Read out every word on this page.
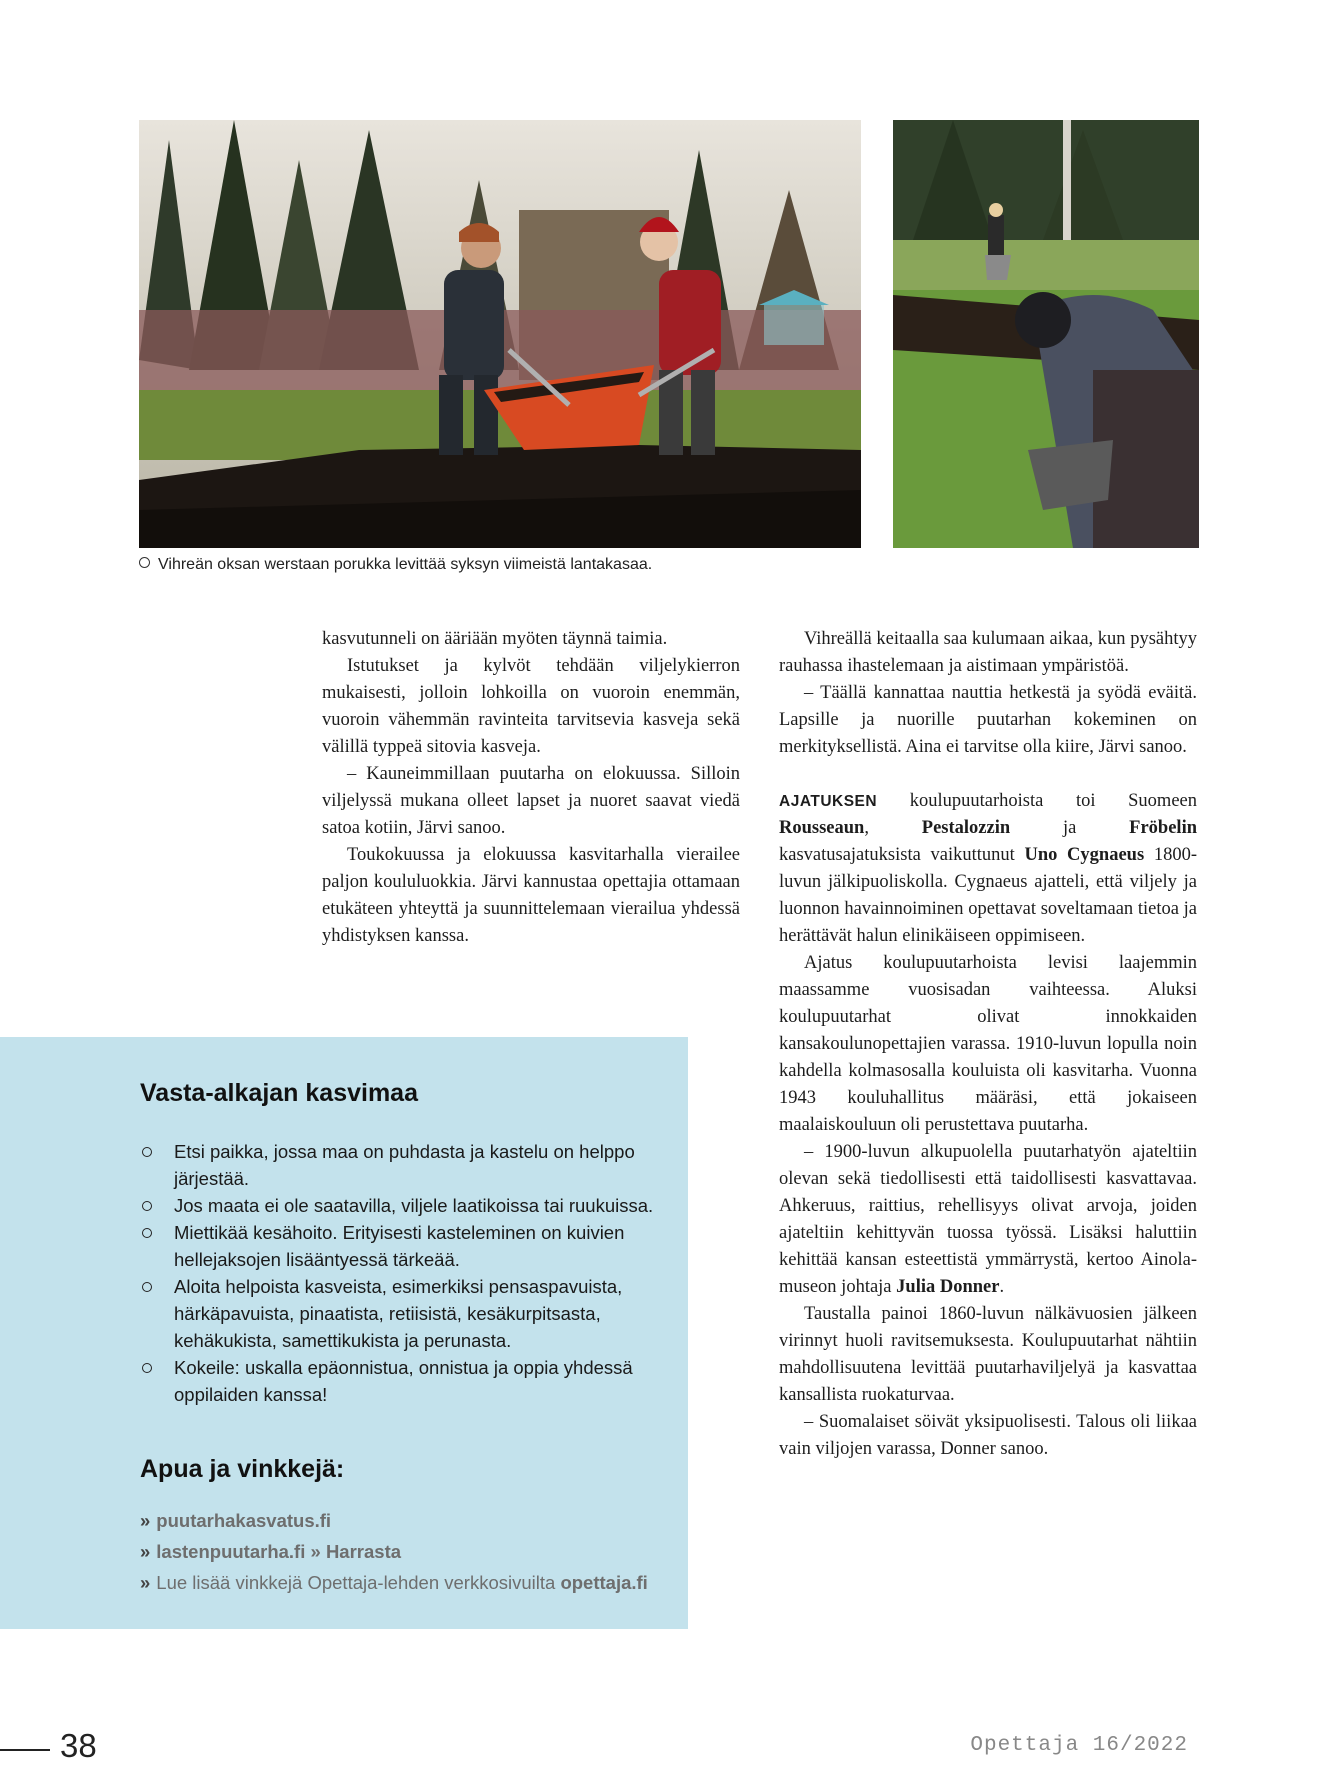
Vihreän oksan werstaan porukka levittää syksyn viimeistä lantakasaa.

kasvutunneli on ääriään myöten täynnä taimia.

Istutukset ja kylvöt tehdään viljelykierron mukaisesti, jolloin lohkoilla on vuoroin enemmän, vuoroin vähemmän ravinteita tarvitsevia kasveja sekä välillä typpeä sitovia kasveja.

– Kauneimmillaan puutarha on elokuussa. Silloin viljelyssä mukana olleet lapset ja nuoret saavat viedä satoa kotiin, Järvi sanoo.

Toukokuussa ja elokuussa kasvitarhalla vierailee paljon koululuokkia. Järvi kannustaa opettajia ottamaan etukäteen yhteyttä ja suunnittelemaan vierailua yhdessä yhdistyksen kanssa.

Vihreällä keitaalla saa kulumaan aikaa, kun pysähtyy rauhassa ihastelemaan ja aistimaan ympäristöä.

– Täällä kannattaa nauttia hetkestä ja syödä eväitä. Lapsille ja nuorille puutarhan kokeminen on merkityksellistä. Aina ei tarvitse olla kiire, Järvi sanoo.

AJATUKSEN koulupuutarhoista toi Suomeen Rousseaun, Pestalozzin ja Fröbelin kasvatusajatuksista vaikuttunut Uno Cygnaeus 1800-luvun jälkipuoliskolla. Cygnaeus ajatteli, että viljely ja luonnon havainnoiminen opettavat soveltamaan tietoa ja herättävät halun elinikäiseen oppimiseen.

Ajatus koulupuutarhoista levisi laajemmin maassamme vuosisadan vaihteessa. Aluksi koulupuutarhat olivat innokkaiden kansakoulunopettajien varassa. 1910-luvun lopulla noin kahdella kolmasosalla kouluista oli kasvitarha. Vuonna 1943 kouluhallitus määräsi, että jokaiseen maalaiskouluun oli perustettava puutarha.

– 1900-luvun alkupuolella puutarhatyön ajateltiin olevan sekä tiedollisesti että taidollisesti kasvattavaa. Ahkeruus, raittius, rehellisyys olivat arvoja, joiden ajateltiin kehittyvän tuossa työssä. Lisäksi haluttiin kehittää kansan esteettistä ymmärrystä, kertoo Ainola-museon johtaja Julia Donner.

Taustalla painoi 1860-luvun nälkävuosien jälkeen virinnyt huoli ravitsemuksesta. Koulupuutarhat nähtiin mahdollisuutena levittää puutarhaviljelyä ja kasvattaa kansallista ruokaturvaa.

– Suomalaiset söivät yksipuolisesti. Talous oli liikaa vain viljojen varassa, Donner sanoo.

Vasta-alkajan kasvimaa
Etsi paikka, jossa maa on puhdasta ja kastelu on helppo järjestää.
Jos maata ei ole saatavilla, viljele laatikoissa tai ruukuissa.
Miettikää kesähoito. Erityisesti kasteleminen on kuivien hellejaksojen lisääntyessä tärkeää.
Aloita helpoista kasveista, esimerkiksi pensaspavuista, härkäpavuista, pinaatista, retiisistä, kesäkurpitsasta, kehäkukista, samettikukista ja perunasta.
Kokeile: uskalla epäonnistua, onnistua ja oppia yhdessä oppilaiden kanssa!
Apua ja vinkkejä:
» puutarhakasvatus.fi
» lastenpuutarha.fi » Harrasta
» Lue lisää vinkkejä Opettaja-lehden verkkosivuilta opettaja.fi
38	Opettaja 16/2022
